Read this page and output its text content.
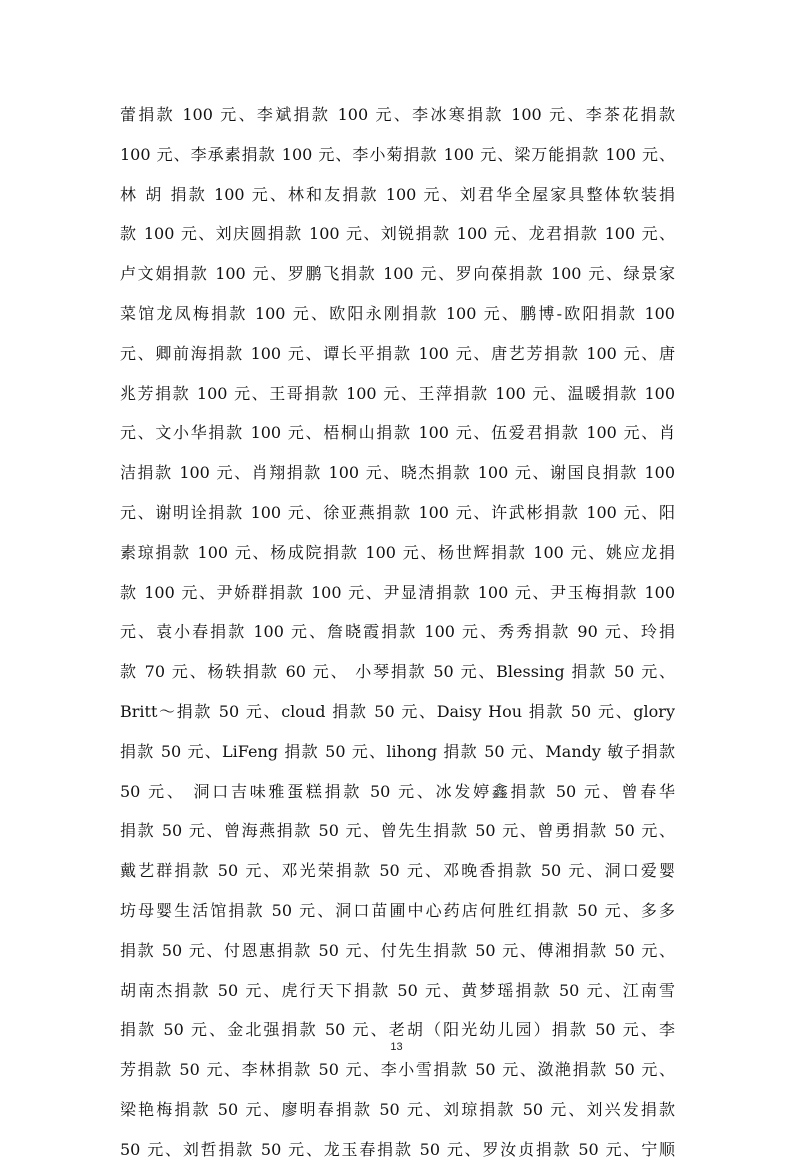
蕾捐款 100 元、李斌捐款 100 元、李冰寒捐款 100 元、李茶花捐款
100 元、李承素捐款 100 元、李小菊捐款 100 元、梁万能捐款 100 元、
林 胡 捐款 100 元、林和友捐款 100 元、刘君华全屋家具整体软装捐
款 100 元、刘庆圆捐款 100 元、刘锐捐款 100 元、龙君捐款 100 元、
卢文娟捐款 100 元、罗鹏飞捐款 100 元、罗向葆捐款 100 元、绿景家
菜馆龙凤梅捐款 100 元、欧阳永刚捐款 100 元、鹏博-欧阳捐款 100
元、卿前海捐款 100 元、谭长平捐款 100 元、唐艺芳捐款 100 元、唐
兆芳捐款 100 元、王哥捐款 100 元、王萍捐款 100 元、温暖捐款 100
元、文小华捐款 100 元、梧桐山捐款 100 元、伍爱君捐款 100 元、肖
洁捐款 100 元、肖翔捐款 100 元、晓杰捐款 100 元、谢国良捐款 100
元、谢明诠捐款 100 元、徐亚燕捐款 100 元、许武彬捐款 100 元、阳
素琼捐款 100 元、杨成院捐款 100 元、杨世辉捐款 100 元、姚应龙捐
款 100 元、尹娇群捐款 100 元、尹显清捐款 100 元、尹玉梅捐款 100
元、袁小春捐款 100 元、詹晓霞捐款 100 元、秀秀捐款 90 元、玲捐
款 70 元、杨轶捐款 60 元、 小琴捐款 50 元、Blessing 捐款 50 元、
Britt～捐款 50 元、cloud 捐款 50 元、Daisy Hou 捐款 50 元、glory
捐款 50 元、LiFeng 捐款 50 元、lihong 捐款 50 元、Mandy 敏子捐款
50 元、 洞口吉味雅蛋糕捐款 50 元、冰发婷鑫捐款 50 元、曾春华
捐款 50 元、曾海燕捐款 50 元、曾先生捐款 50 元、曾勇捐款 50 元、
戴艺群捐款 50 元、邓光荣捐款 50 元、邓晚香捐款 50 元、洞口爱婴
坊母婴生活馆捐款 50 元、洞口苗圃中心药店何胜红捐款 50 元、多多
捐款 50 元、付恩惠捐款 50 元、付先生捐款 50 元、傅湘捐款 50 元、
胡南杰捐款 50 元、虎行天下捐款 50 元、黄梦瑶捐款 50 元、江南雪
捐款 50 元、金北强捐款 50 元、老胡（阳光幼儿园）捐款 50 元、李
芳捐款 50 元、李林捐款 50 元、李小雪捐款 50 元、潋滟捐款 50 元、
梁艳梅捐款 50 元、廖明春捐款 50 元、刘琼捐款 50 元、刘兴发捐款
50 元、刘哲捐款 50 元、龙玉春捐款 50 元、罗汝贞捐款 50 元、宁顺
13
